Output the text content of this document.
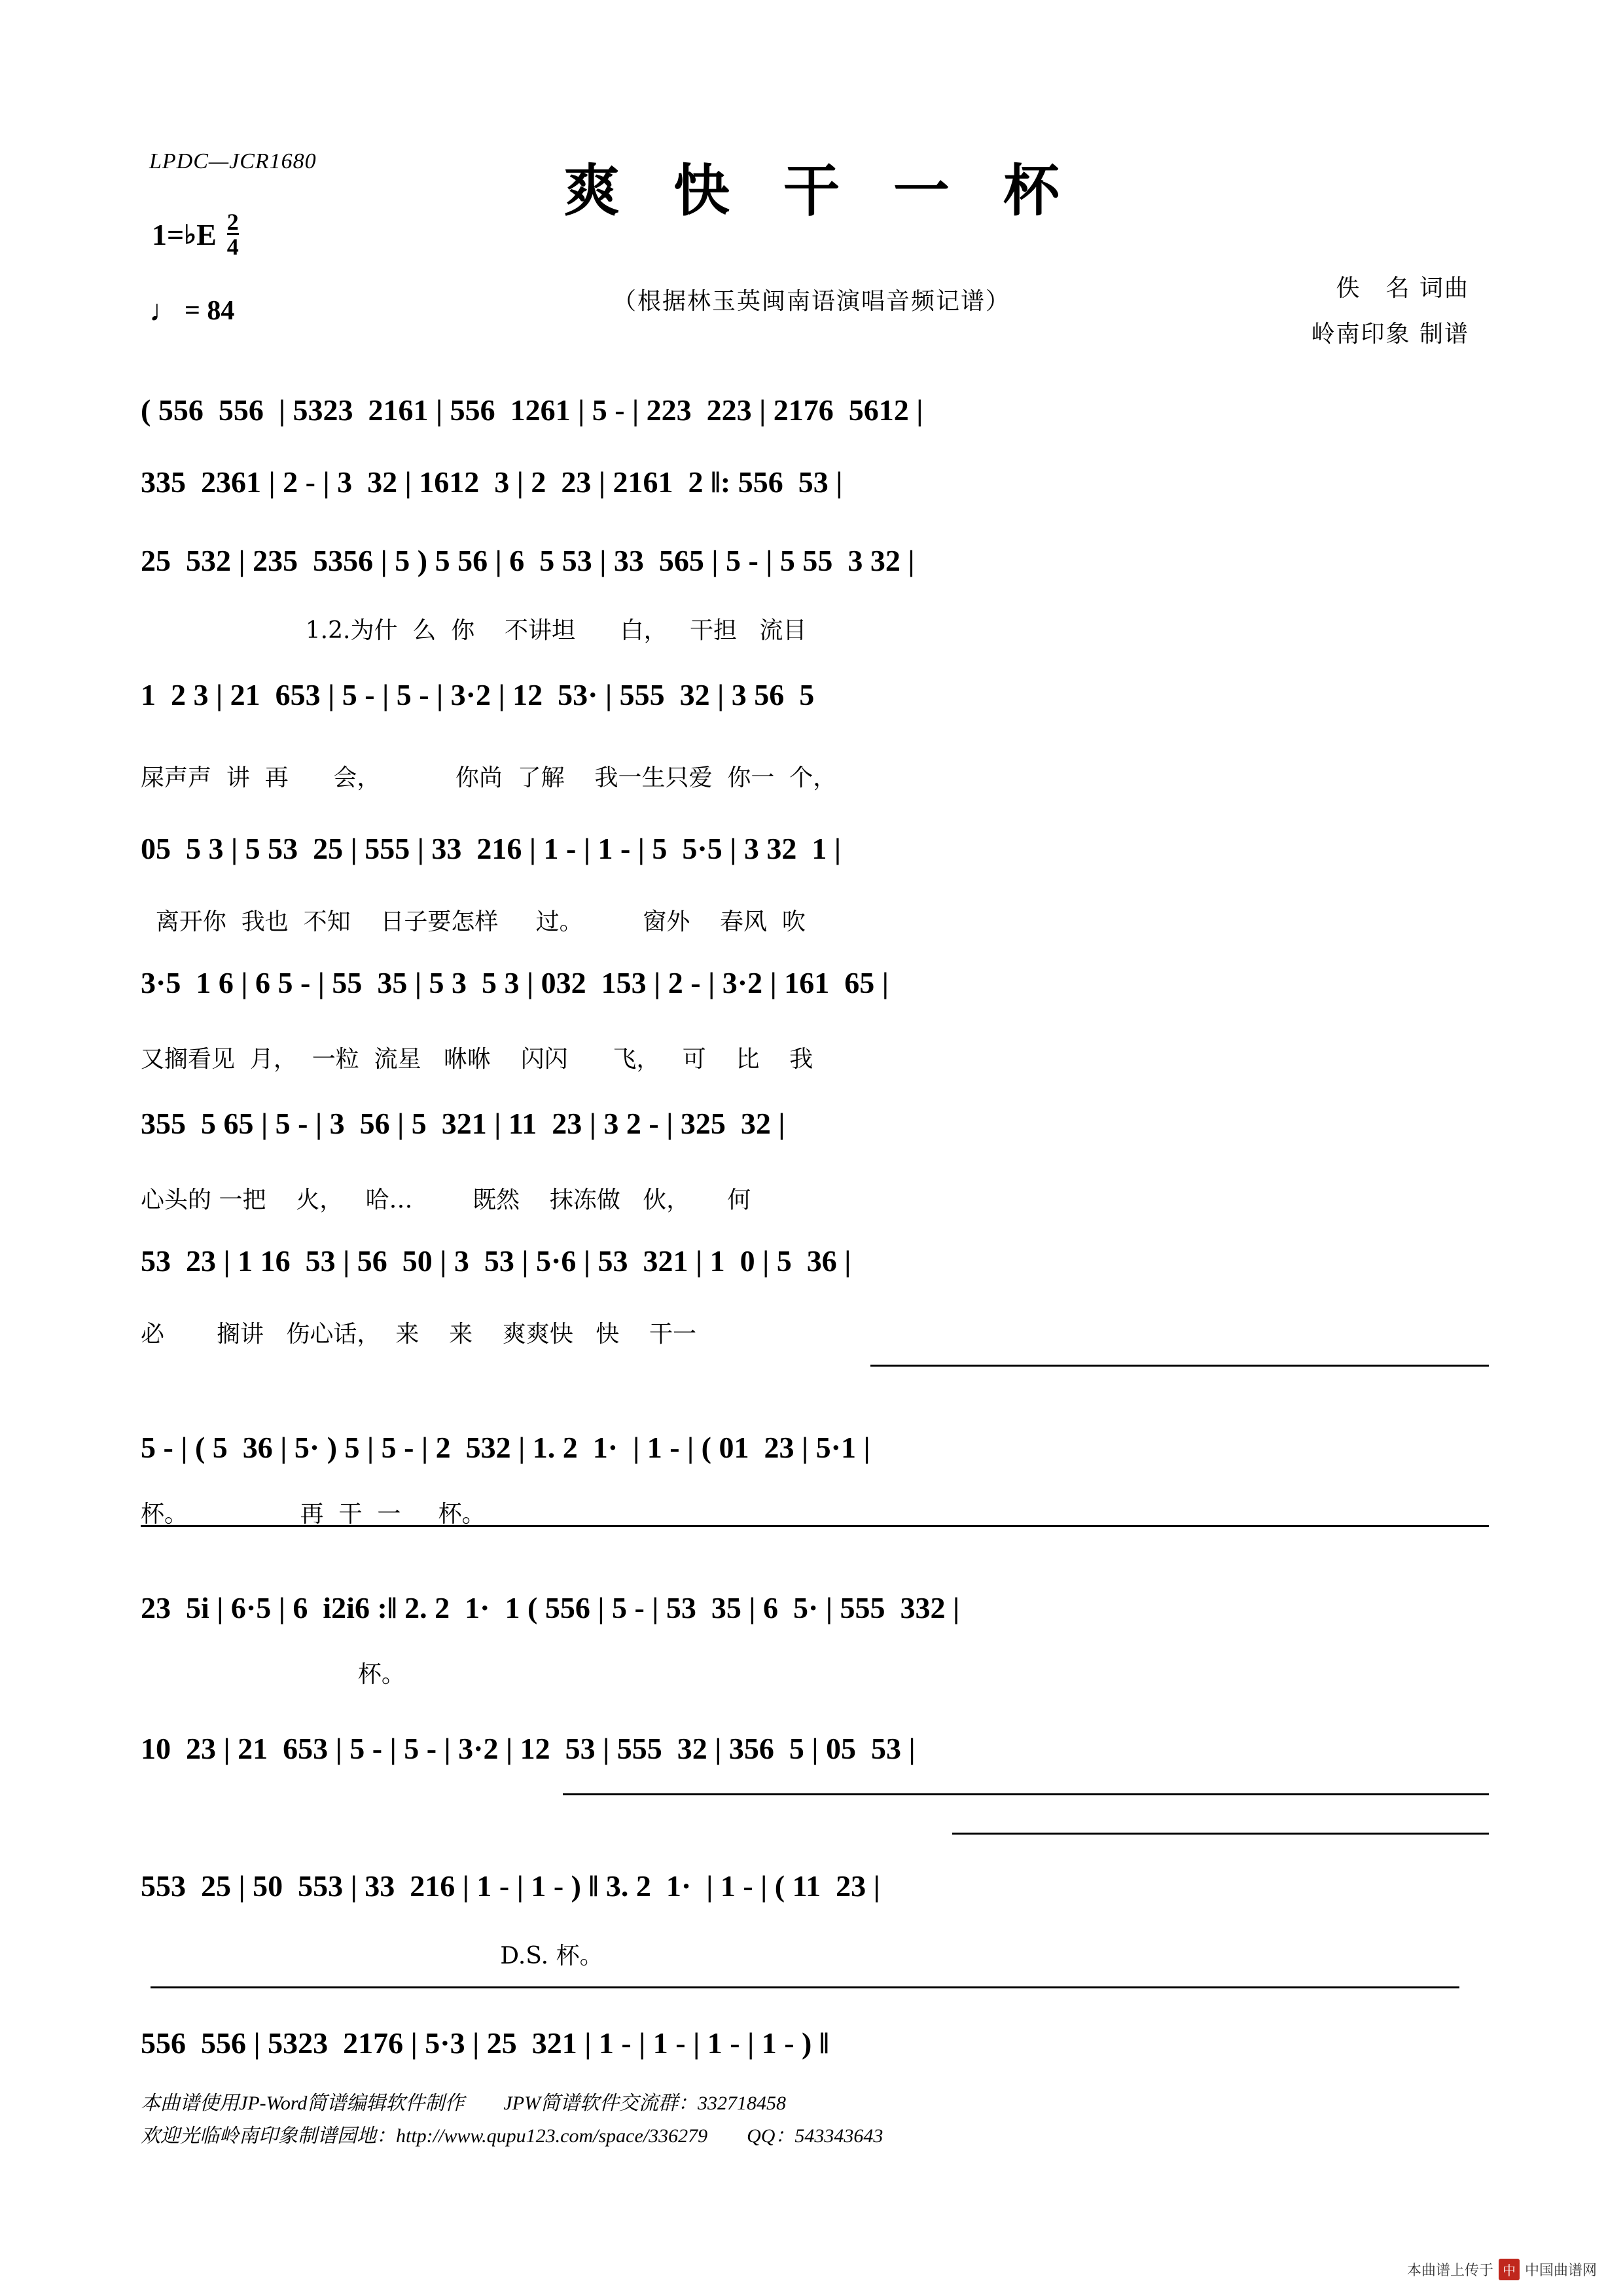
LPDC—JCR1680	爽 快 干 一 杯
（根据林玉英闽南语演唱音频记谱）	佚　名 词曲
岭南印象 制谱
1= ♭ E $\frac{2}{4}$
♩ = 84
( 556  556  | 5323  2161 | 556  1261 | 5 - | 223  223 | 2176  5612 |
335  2361 | 2 - | 3  32 | 1612  3 | 2  23 | 2161  2 ‖: 556  53 |
25  532 | 235  5356 | 5 ) 5 56 | 6  5 53 | 33  565 | 5 - | 5 55  3 32 |
1.2.为什  么  你    不讲坦      白，   干担   流目
1  2 3 | 21  653 | 5 - | 5 - | 3·2 | 12  53· | 555  32 | 3 56  5
屎声声  讲  再      会，          你尚  了解    我一生只爱  你一  个，
05  5 3 | 5 53  25 | 555 | 33  216 | 1 - | 1 - | 5  5·5 | 3 32  1 |
离开你  我也  不知    日子要怎样     过。        窗外    春风  吹
3·5  1 6 | 6 5 - | 55  35 | 5 3  5 3 | 032  153 | 2 - | 3·2 | 161  65 |
又搁看见  月，  一粒  流星   咻咻    闪闪      飞，   可    比    我
355  5 65 | 5 - | 3  56 | 5  321 | 11  23 | 3 2 - | 325  32 |
心头的 一把    火，   哈…        既然    抹冻做   伙，     何
53  23 | 1 16  53 | 56  50 | 3  53 | 5·6 | 53  321 | 1  0 | 5  36 |
必       搁讲   伤心话，  来    来    爽爽快   快    干一
5 - | ( 5  36 | 5· ) 5 | 5 - | 2  532 | 1. 2  1·  | 1 - | ( 01  23 | 5·1 |
杯。               再  干  一     杯。
23  5i | 6·5 | 6  i2i6 :‖ 2. 2  1·  1 ( 556 | 5 - | 53  35 | 6  5· | 555  332 |
杯。
10  23 | 21  653 | 5 - | 5 - | 3·2 | 12  53 | 555  32 | 356  5 | 05  53 |
553  25 | 50  553 | 33  216 | 1 - | 1 - ) ‖ 3. 2  1·  | 1 - | ( 11  23 |
D.S. 杯。
556  556 | 5323  2176 | 5·3 | 25  321 | 1 - | 1 - | 1 - | 1 - ) ‖
本曲谱使用JP-Word简谱编辑软件制作　　JPW简谱软件交流群：332718458
欢迎光临岭南印象制谱园地：http://www.qupu123.com/space/336279　　QQ：543343643
本曲谱上传于 中 中国曲谱网
